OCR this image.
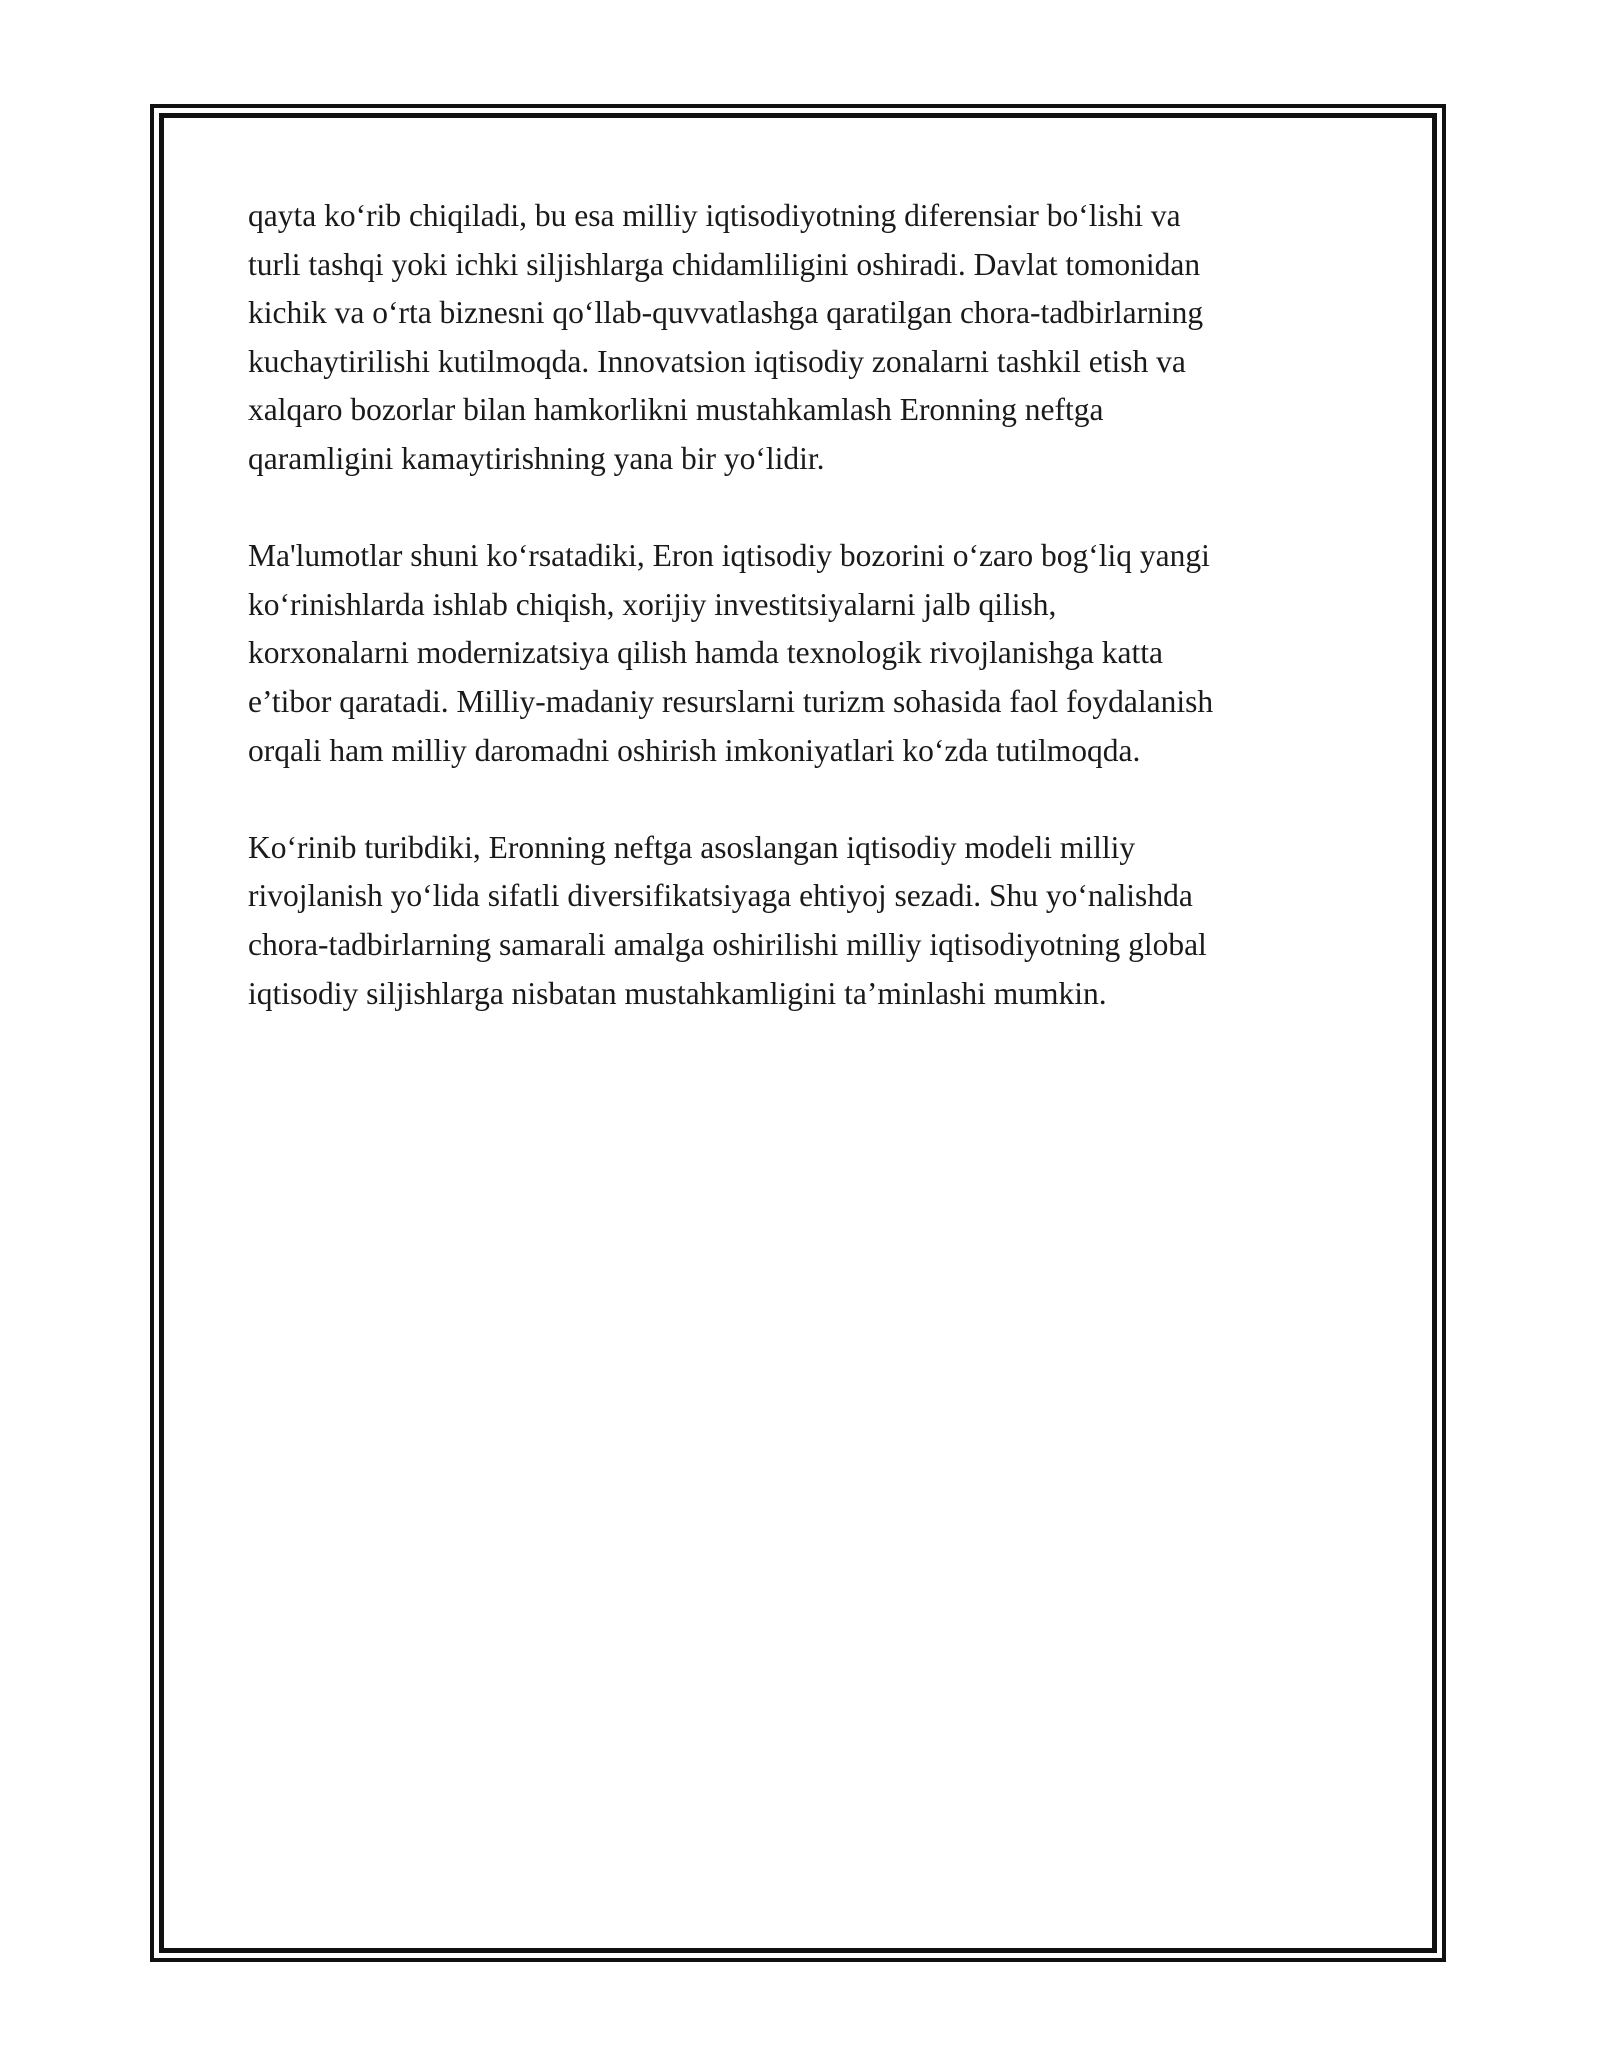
qayta koʻrib chiqiladi, bu esa milliy iqtisodiyotning diferensiar boʻlishi va
turli tashqi yoki ichki siljishlarga chidamliligini oshiradi. Davlat tomonidan
kichik va oʻrta biznesni qoʻllab-quvvatlashga qaratilgan chora-tadbirlarning
kuchaytirilishi kutilmoqda. Innovatsion iqtisodiy zonalarni tashkil etish va
xalqaro bozorlar bilan hamkorlikni mustahkamlash Eronning neftga
qaramligini kamaytirishning yana bir yoʻlidir.

Ma'lumotlar shuni koʻrsatadiki, Eron iqtisodiy bozorini oʻzaro bogʻliq yangi
koʻrinishlarda ishlab chiqish, xorijiy investitsiyalarni jalb qilish,
korxonalarni modernizatsiya qilish hamda texnologik rivojlanishga katta
e’tibor qaratadi. Milliy-madaniy resurslarni turizm sohasida faol foydalanish
orqali ham milliy daromadni oshirish imkoniyatlari koʻzda tutilmoqda.

Koʻrinib turibdiki, Eronning neftga asoslangan iqtisodiy modeli milliy
rivojlanish yoʻlida sifatli diversifikatsiyaga ehtiyoj sezadi. Shu yoʻnalishda
chora-tadbirlarning samarali amalga oshirilishi milliy iqtisodiyotning global
iqtisodiy siljishlarga nisbatan mustahkamligini ta’minlashi mumkin.
